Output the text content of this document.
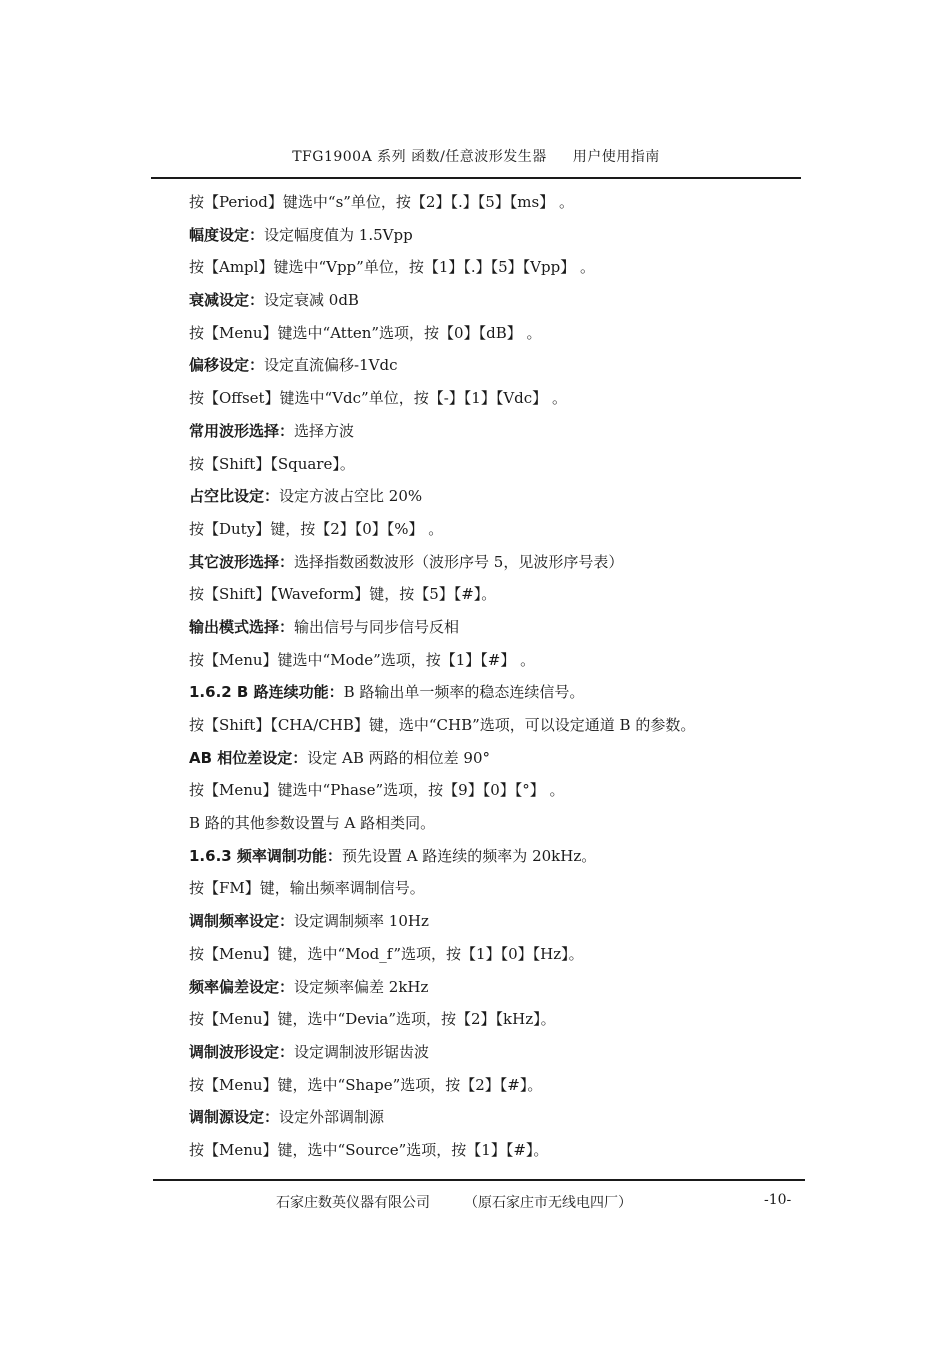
TFG1900A 系列 函数/任意波形发生器 用户使用指南
按【Period】键选中“s”单位，按【2】【.】【5】【ms】 。
幅度设定：设定幅度值为 1.5Vpp
按【Ampl】键选中“Vpp”单位，按【1】【.】【5】【Vpp】 。
衰减设定：设定衰减 0dB
按【Menu】键选中“Atten”选项，按【0】【dB】 。
偏移设定：设定直流偏移-1Vdc
按【Offset】键选中“Vdc”单位，按【-】【1】【Vdc】 。
常用波形选择：选择方波
按【Shift】【Square】。
占空比设定：设定方波占空比 20%
按【Duty】键，按【2】【0】【%】 。
其它波形选择：选择指数函数波形（波形序号 5，见波形序号表）
按【Shift】【Waveform】键，按【5】【#】。
输出模式选择：输出信号与同步信号反相
按【Menu】键选中“Mode”选项，按【1】【#】 。
1.6.2 B 路连续功能：B 路输出单一频率的稳态连续信号。
按【Shift】【CHA/CHB】键，选中“CHB”选项，可以设定通道 B 的参数。
AB 相位差设定：设定 AB 两路的相位差 90°
按【Menu】键选中“Phase”选项，按【9】【0】【°】 。
B 路的其他参数设置与 A 路相类同。
1.6.3 频率调制功能：预先设置 A 路连续的频率为 20kHz。
按【FM】键，输出频率调制信号。
调制频率设定：设定调制频率 10Hz
按【Menu】键，选中“Mod_f”选项，按【1】【0】【Hz】。
频率偏差设定：设定频率偏差 2kHz
按【Menu】键，选中“Devia”选项，按【2】【kHz】。
调制波形设定：设定调制波形锯齿波
按【Menu】键，选中“Shape”选项，按【2】【#】。
调制源设定：设定外部调制源
按【Menu】键，选中“Source”选项，按【1】【#】。
石家庄数英仪器有限公司 （原石家庄市无线电四厂）	-10-
